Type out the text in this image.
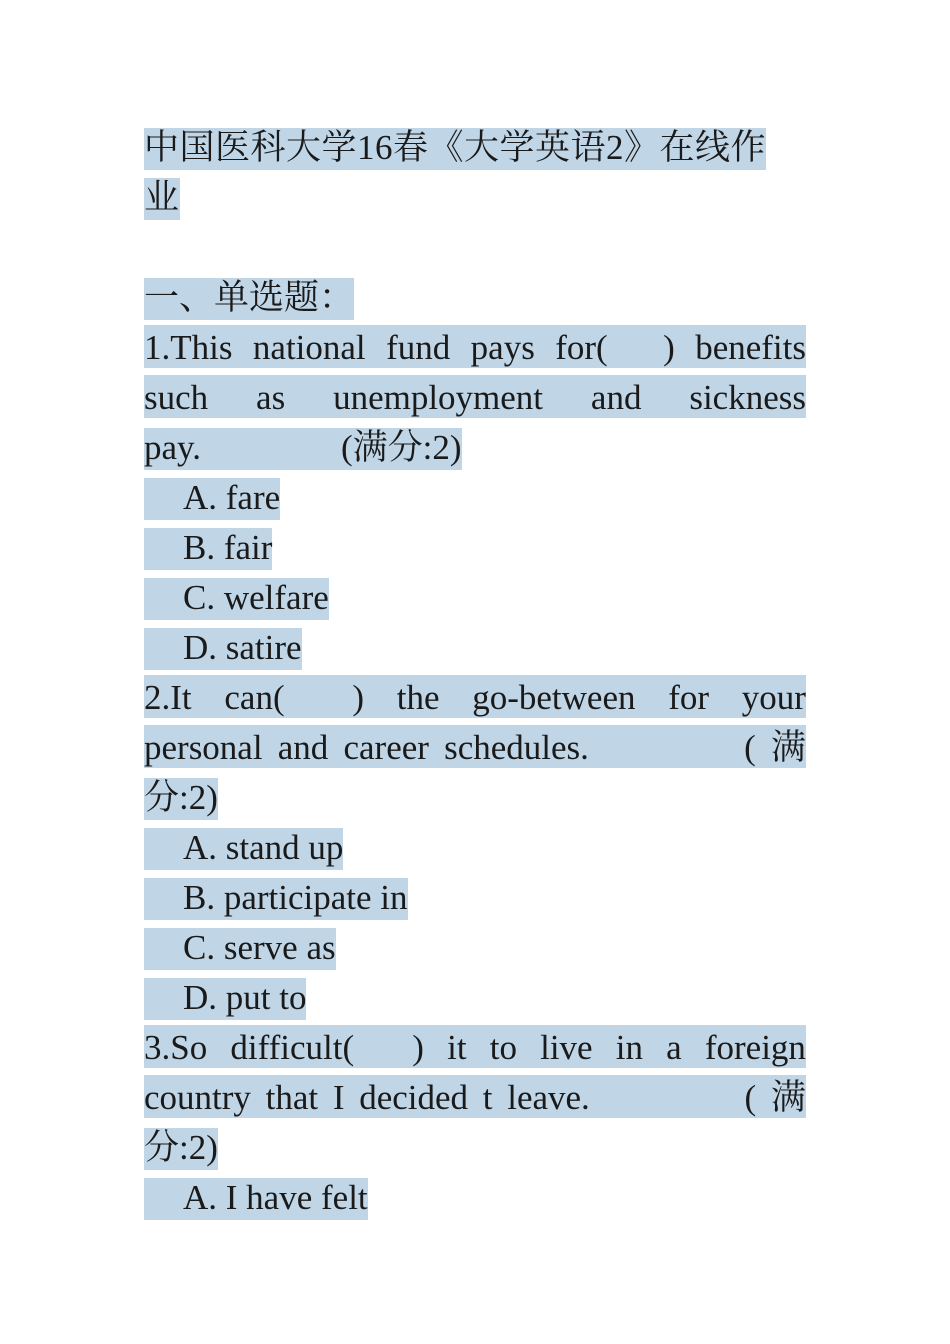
中国医科大学16春《大学英语2》在线作
业
一、单选题：
1.This national fund pays for( 　) benefits
such as unemployment and sickness
pay.　　　　(满分:2)
A. fare
B. fair
C. welfare
D. satire
2.It can( 　) the go-between for your
personal and career schedules. 　　　　( 满
分:2)
A. stand up
B. participate in
C. serve as
D. put to
3.So difficult( 　) it to live in a foreign
country that I decided t leave. 　　　　( 满
分:2)
A. I have felt
